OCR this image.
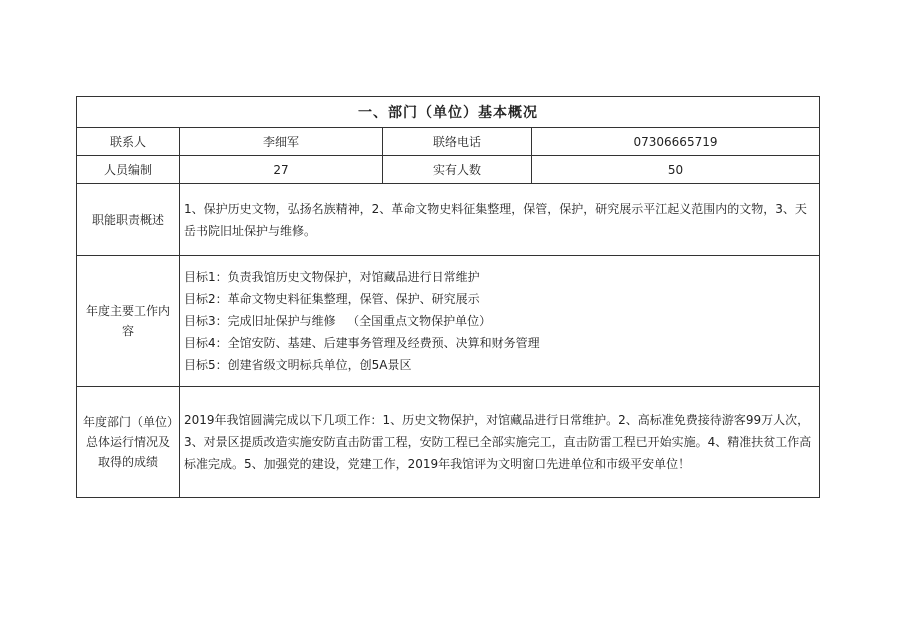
一、部门（单位）基本概况			
联系人	李细军	联络电话	07306665719
人员编制	27	实有人数	50
职能职责概述	1、保护历史文物，弘扬名族精神，2、革命文物史料征集整理，保管，保护，研究展示平江起义范围内的文物，3、天岳书院旧址保护与维修。		
年度主要工作内容	目标1：负责我馆历史文物保护，对馆藏品进行日常维护
目标2：革命文物史料征集整理，保管、保护、研究展示
目标3：完成旧址保护与维修   （全国重点文物保护单位）
目标4：全馆安防、基建、后建事务管理及经费预、决算和财务管理
目标5：创建省级文明标兵单位，创5A景区		

年度部门（单位）总体运行情况及取得的成绩	2019年我馆圆满完成以下几项工作：1、历史文物保护，对馆藏品进行日常维护。2、高标准免费接待游客99万人次，3、对景区提质改造实施安防直击防雷工程，安防工程已全部实施完工，直击防雷工程已开始实施。4、精准扶贫工作高标准完成。5、加强党的建设，党建工作，2019年我馆评为文明窗口先进单位和市级平安单位！		
